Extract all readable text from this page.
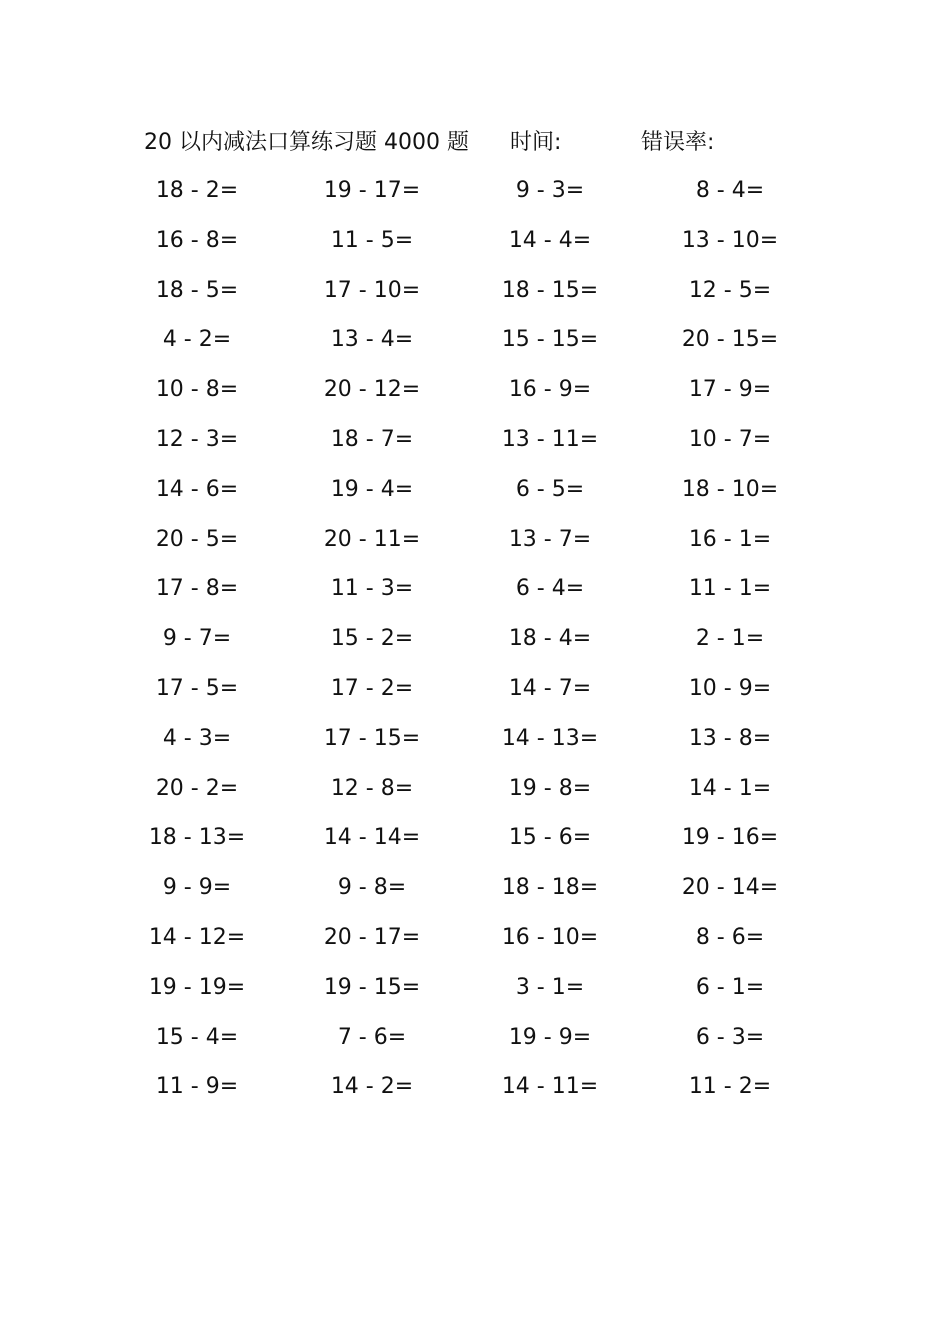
20 以内减法口算练习题 4000 题 时间:	错误率:
18 - 2=	19 - 17=	9 - 3=	8 - 4=
16 - 8=	11 - 5=	14 - 4=	13 - 10=
18 - 5=	17 - 10=	18 - 15=	12 - 5=
4 - 2=	13 - 4=	15 - 15=	20 - 15=
10 - 8=	20 - 12=	16 - 9=	17 - 9=
12 - 3=	18 - 7=	13 - 11=	10 - 7=
14 - 6=	19 - 4=	6 - 5=	18 - 10=
20 - 5=	20 - 11=	13 - 7=	16 - 1=
17 - 8=	11 - 3=	6 - 4=	11 - 1=
9 - 7=	15 - 2=	18 - 4=	2 - 1=
17 - 5=	17 - 2=	14 - 7=	10 - 9=
4 - 3=	17 - 15=	14 - 13=	13 - 8=
20 - 2=	12 - 8=	19 - 8=	14 - 1=
18 - 13=	14 - 14=	15 - 6=	19 - 16=
9 - 9=	9 - 8=	18 - 18=	20 - 14=
14 - 12=	20 - 17=	16 - 10=	8 - 6=
19 - 19=	19 - 15=	3 - 1=	6 - 1=
15 - 4=	7 - 6=	19 - 9=	6 - 3=
11 - 9=	14 - 2=	14 - 11=	11 - 2=
